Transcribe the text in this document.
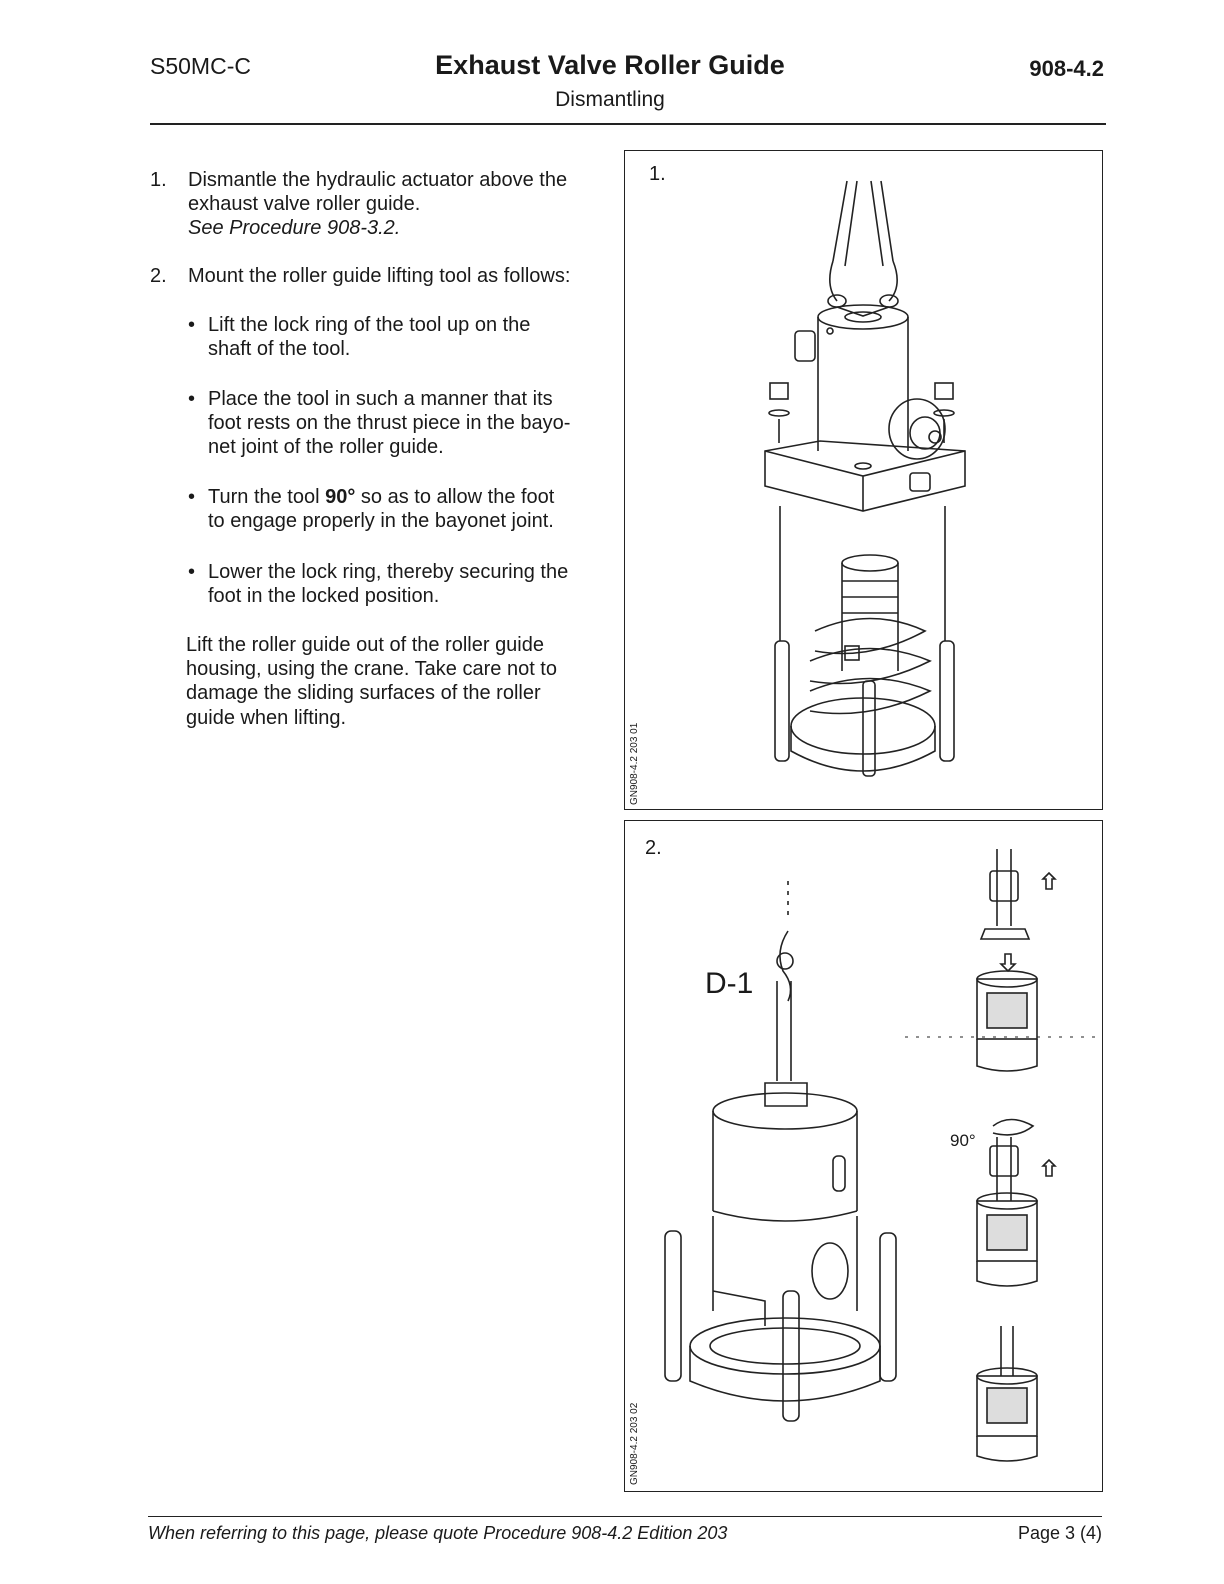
S50MC-C	Exhaust Valve Roller Guide
Dismantling
908-4.2
1. Dismantle the hydraulic actuator above the
exhaust valve roller guide.
See Procedure 908-3.2.
2. Mount the roller guide lifting tool as follows:
• Lift the lock ring of the tool up on the
shaft of the tool.
• Place the tool in such a manner that its
foot rests on the thrust piece in the bayo-
net joint of the roller guide.
• Turn the tool 90° so as to allow the foot
to engage properly in the bayonet joint.
• Lower the lock ring, thereby securing the
foot in the locked position.
Lift the roller guide out of the roller guide
housing, using the crane. Take care not to
damage the sliding surfaces of the roller
guide when lifting.
1.
GN908-4.2 203 01
2.
D-1
90°
GN908-4.2 203 02
When referring to this page, please quote Procedure 908-4.2 Edition 203	Page 3 (4)
